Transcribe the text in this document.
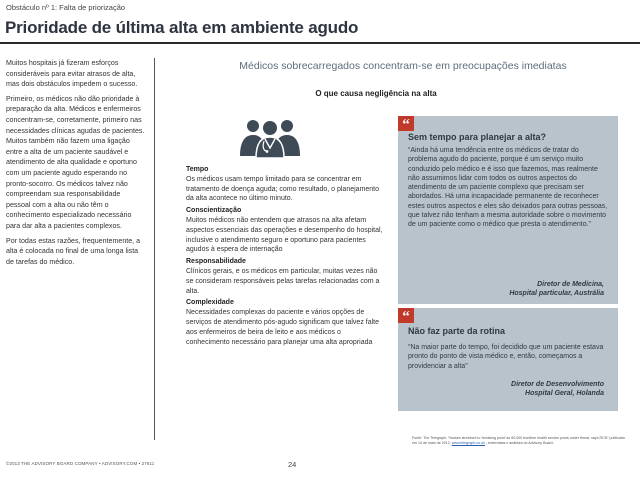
Obstáculo nº 1: Falta de priorização
Prioridade de última alta em ambiente agudo

Muitos hospitais já fizeram esforços consideráveis para evitar atrasos de alta, mas dois obstáculos impedem o sucesso.

Primeiro, os médicos não dão prioridade à preparação da alta. Médicos e enfermeiros concentram-se, corretamente, primeiro nas necessidades clínicas agudas de pacientes. Muitos também não fazem uma ligação entre a alta de um paciente saudável e atendimento de alta qualidade e oportuno com um paciente agudo esperando no pronto-socorro. Os médicos talvez não compreendam sua responsabilidade pessoal com a alta ou não têm o conhecimento especializado necessário para dar alta a pacientes complexos.

Por todas estas razões, frequentemente, a alta é colocada no final de uma longa lista de tarefas do médico.

Médicos sobrecarregados concentram-se em preocupações imediatas
O que causa negligência na alta
Tempo
Os médicos usam tempo limitado para se concentrar em tratamento de doença aguda; como resultado, o planejamento da alta acontece no último minuto.
Conscientização
Muitos médicos não entendem que atrasos na alta afetam aspectos essenciais das operações e desempenho do hospital, inclusive o atendimento seguro e oportuno para pacientes agudos à espera de internação
Responsabilidade
Clínicos gerais, e os médicos em particular, muitas vezes não se consideram responsáveis pelas tarefas relacionadas com a alta.
Complexidade
Necessidades complexas do paciente e vários opções de serviços de atendimento pós-agudo significam que talvez falte aos enfermeiros de beira de leito e aos médicos o conhecimento necessário para planejar uma alta apropriada
“
Sem tempo para planejar a alta?
“Ainda há uma tendência entre os médicos de tratar do problema agudo do paciente, porque é um serviço muito conduzido pelo médico e é isso que fazemos, mas realmente não assumimos lidar com todos os outros aspectos do atendimento de um paciente complexo que precisam ser abordados. Há uma incapacidade permanente de reconhecer estes outros aspectos e eles são deixados para outras pessoas, que talvez não tenham a mesma autoridade sobre o movimento de um paciente como o médico que presta o atendimento.”
Diretor de Medicina,
Hospital particular, Austrália
“
Não faz parte da rotina
“Na maior parte do tempo, foi decidido que um paciente estava pronto do ponto de vista médico e, então, começamos a providenciar a alta”
Diretor de Desenvolvimento
Hospital Geral, Holanda
Fonte: The Telegraph, “Nurses stretched to ‘breaking point’ as 60,000 frontline health service posts under threat, says RCN” publicado em 14 de maio de 2012, www.telegraph.co.uk ; entrevistas e análises do Advisory Board.
©2013 THE ADVISORY BOARD COMPANY • ADVISORY.COM • 27611	24
